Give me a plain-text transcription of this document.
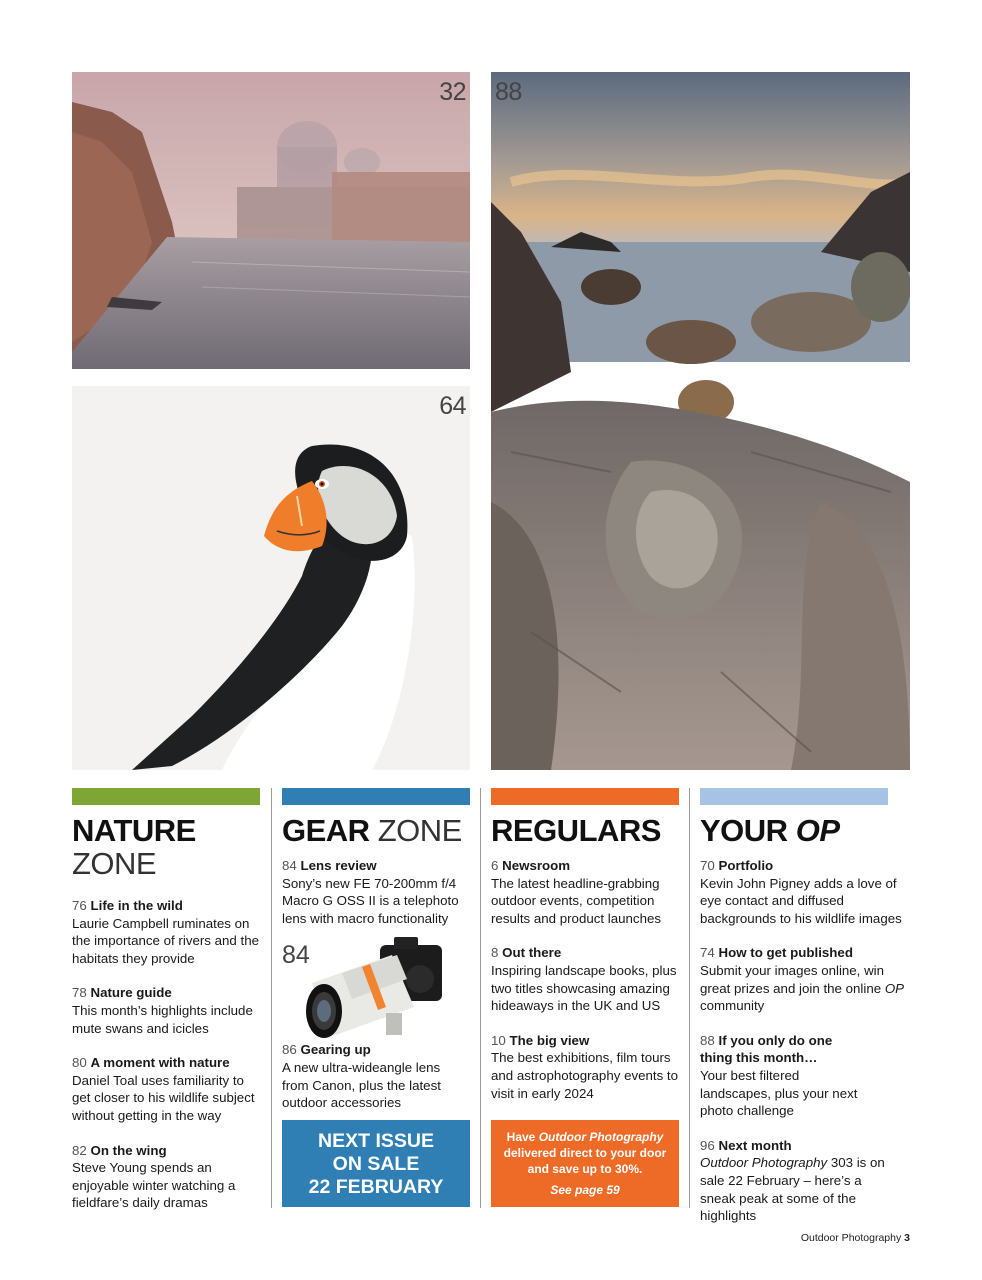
32
64
88
NATURE
ZONE
76 Life in the wild
Laurie Campbell ruminates on the importance of rivers and the habitats they provide
78 Nature guide
This month’s highlights include mute swans and icicles
80 A moment with nature
Daniel Toal uses familiarity to get closer to his wildlife subject without getting in the way
82 On the wing
Steve Young spends an enjoyable winter watching a fieldfare’s daily dramas
GEAR ZONE
84 Lens review
Sony’s new FE 70-200mm f/4 Macro G OSS II is a telephoto lens with macro functionality
84
86 Gearing up
A new ultra-wideangle lens from Canon, plus the latest outdoor accessories
NEXT ISSUE
ON SALE
22 FEBRUARY
REGULARS
6 Newsroom
The latest headline-grabbing outdoor events, competition results and product launches
8 Out there
Inspiring landscape books, plus two titles showcasing amazing hideaways in the UK and US
10 The big view
The best exhibitions, film tours and astrophotography events to visit in early 2024
Have Outdoor Photography delivered direct to your door and save up to 30%.
See page 59
YOUR OP
70 Portfolio
Kevin John Pigney adds a love of eye contact and diffused backgrounds to his wildlife images
74 How to get published
Submit your images online, win great prizes and join the online OP community
88 If you only do one thing this month…
Your best filtered landscapes, plus your next photo challenge
96 Next month
Outdoor Photography 303 is on sale 22 February – here’s a sneak peak at some of the highlights
Outdoor Photography 3
